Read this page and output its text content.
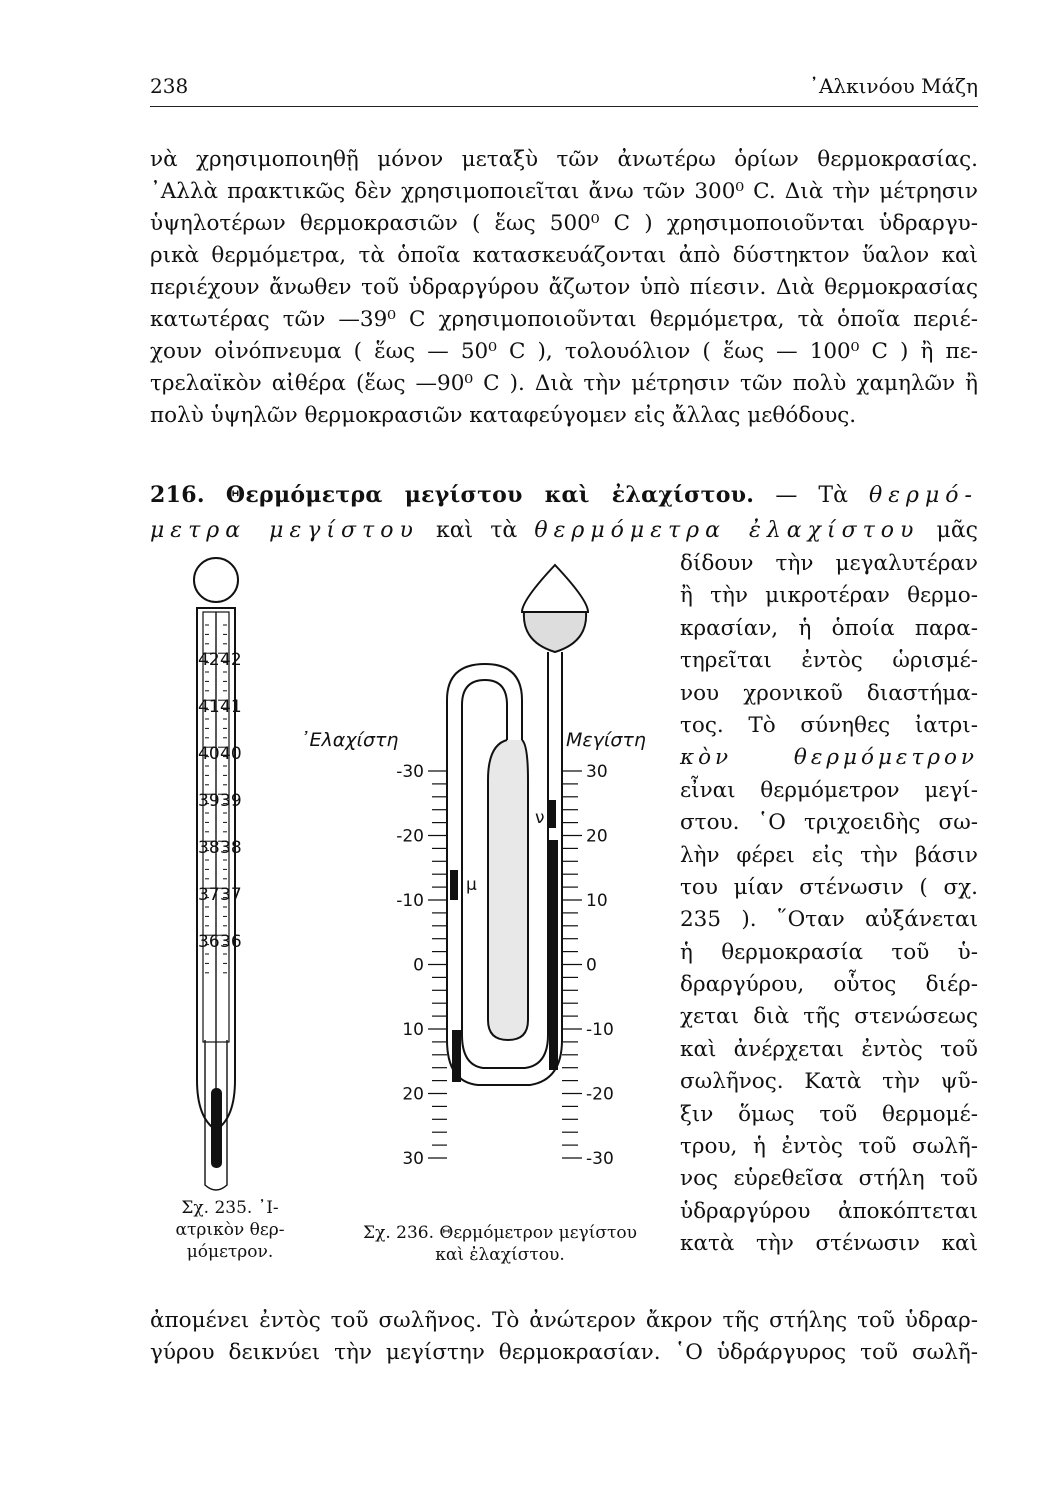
238	᾿Αλκινόου Μάζη
νὰ χρησιμοποιηθῇ μόνον μεταξὺ τῶν ἀνωτέρω ὁρίων θερμοκρασίας.
᾿Αλλὰ πρακτικῶς δὲν χρησιμοποιεῖται ἄνω τῶν 300⁰ C. Διὰ τὴν μέτρησιν
ὑψηλοτέρων θερμοκρασιῶν ( ἕως 500⁰ C ) χρησιμοποιοῦνται ὑδραργυ-
ρικὰ θερμόμετρα, τὰ ὁποῖα κατασκευάζονται ἀπὸ δύστηκτον ὕαλον καὶ
περιέχουν ἄνωθεν τοῦ ὑδραργύρου ἄζωτον ὑπὸ πίεσιν. Διὰ θερμοκρασίας
κατωτέρας τῶν —39⁰ C χρησιμοποιοῦνται θερμόμετρα, τὰ ὁποῖα περιέ-
χουν οἰνόπνευμα ( ἕως — 50⁰ C ), τολουόλιον ( ἕως — 100⁰ C ) ἢ πε-
τρελαϊκὸν αἰθέρα (ἕως —90⁰ C ). Διὰ τὴν μέτρησιν τῶν πολὺ χαμηλῶν ἢ
πολὺ ὑψηλῶν θερμοκρασιῶν καταφεύγομεν εἰς ἄλλας μεθόδους.
216. Θερμόμετρα μεγίστου καὶ ἐλαχίστου. — Τὰ θερμό-
μετρα μεγίστου καὶ τὰ θερμόμετρα ἐλαχίστου μᾶς
δίδουν τὴν μεγαλυτέραν
ἢ τὴν μικροτέραν θερμο-
κρασίαν, ἡ ὁποία παρα-
τηρεῖται ἐντὸς ὡρισμέ-
νου χρονικοῦ διαστήμα-
τος. Τὸ σύνηθες ἰατρι-
κὸν θερμόμετρον
εἶναι θερμόμετρον μεγί-
στου. ῾Ο τριχοειδὴς σω-
λὴν φέρει εἰς τὴν βάσιν
του μίαν στένωσιν ( σχ.
235 ). ῞Οταν αὐξάνεται
ἡ θερμοκρασία τοῦ ὑ-
δραργύρου, οὗτος διέρ-
χεται διὰ τῆς στενώσεως
καὶ ἀνέρχεται ἐντὸς τοῦ
σωλῆνος. Κατὰ τὴν ψῦ-
ξιν ὅμως τοῦ θερμομέ-
τρου, ἡ ἐντὸς τοῦ σωλῆ-
νος εὑρεθεῖσα στήλη τοῦ
ὑδραργύρου ἀποκόπτεται
κατὰ τὴν στένωσιν καὶ
ἀπομένει ἐντὸς τοῦ σωλῆνος. Τὸ ἀνώτερον ἄκρον τῆς στήλης τοῦ ὑδραρ-
γύρου δεικνύει τὴν μεγίστην θερμοκρασίαν. ῾Ο ὑδράργυρος τοῦ σωλῆ-
42
41
40
39
38
37
36
42
41
40
39
38
37
36
-30
-20
-10
0
10
20
30
30
20
10
0
-10
-20
-30
᾿Ελαχίστη	Μεγίστη
μ
ν
Σχ. 235. ᾿Ι-
ατρικὸν θερ-
μόμετρον.
Σχ. 236. Θερμόμετρον μεγίστου
καὶ ἐλαχίστου.
